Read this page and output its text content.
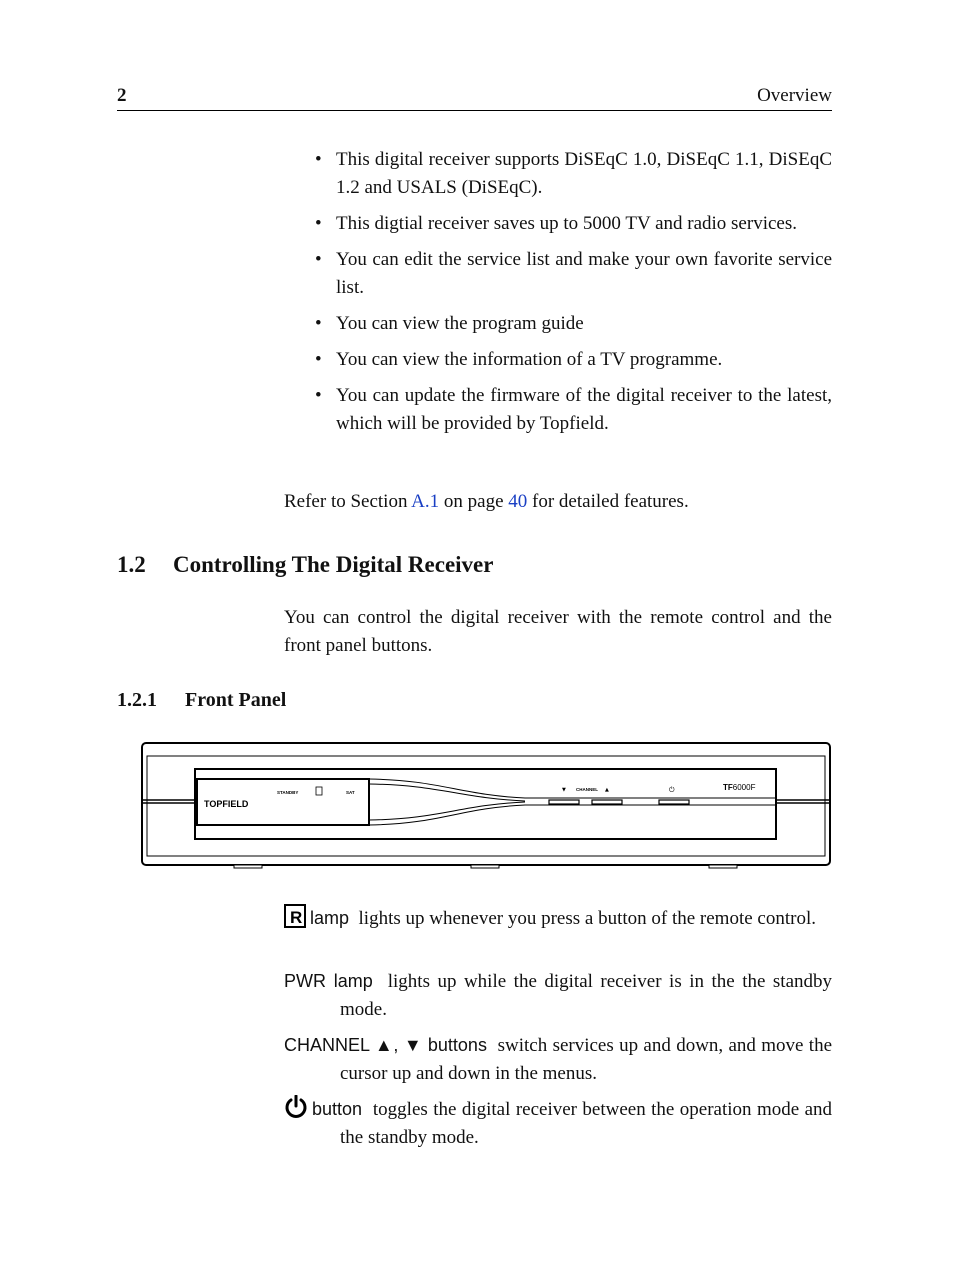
2	Overview
• This digital receiver supports DiSEqC 1.0, DiSEqC 1.1, DiSEqC 1.2 and USALS (DiSEqC).
• This digtial receiver saves up to 5000 TV and radio services.
• You can edit the service list and make your own favorite service list.
• You can view the program guide
• You can view the information of a TV programme.
• You can update the firmware of the digital receiver to the latest, which will be provided by Topfield.
Refer to Section A.1 on page 40 for detailed features.
1.2 Controlling The Digital Receiver
You can control the digital receiver with the remote control and the front panel buttons.
1.2.1 Front Panel
TOPFIELD
STANDBY	SAT	▼ CHANNEL ▲	⏻	TF6000F
R lamp lights up whenever you press a button of the remote control.
PWR lamp lights up while the digital receiver is in the the standby mode.
CHANNEL ▲, ▼ buttons switch services up and down, and move the cursor up and down in the menus.
button toggles the digital receiver between the operation mode and the standby mode.
